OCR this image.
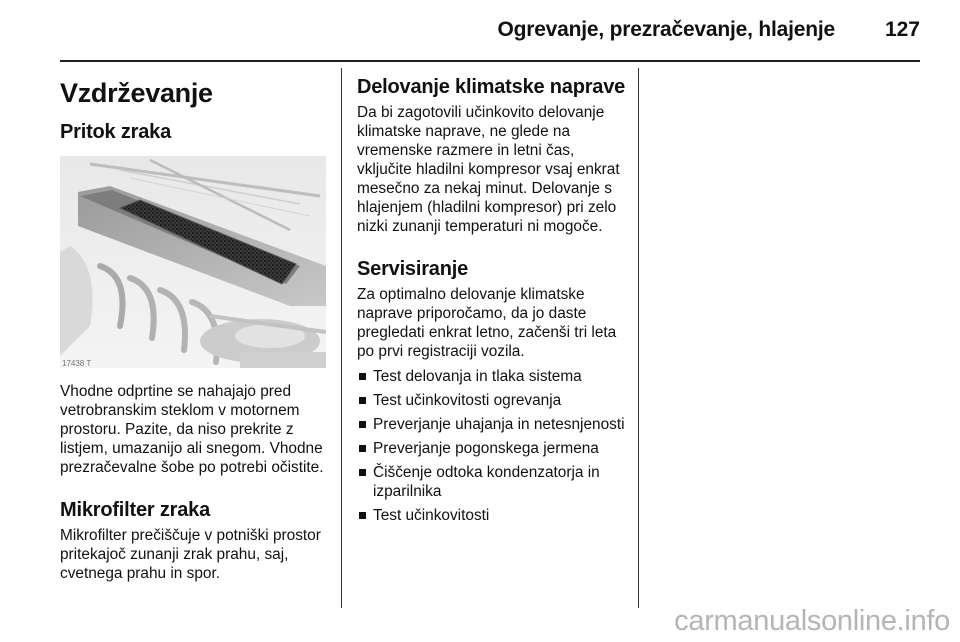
Ogrevanje, prezračevanje, hlajenje 127
Vzdrževanje
Pritok zraka
17438 T

Vhodne odprtine se nahajajo pred vetrobranskim steklom v motornem prostoru. Pazite, da niso prekrite z listjem, umazanijo ali snegom. Vhodne prezračevalne šobe po potrebi očistite.

Mikrofilter zraka

Mikrofilter prečiščuje v potniški prostor pritekajoč zunanji zrak prahu, saj, cvetnega prahu in spor.

Delovanje klimatske naprave

Da bi zagotovili učinkovito delovanje klimatske naprave, ne glede na vremenske razmere in letni čas, vključite hladilni kompresor vsaj enkrat mesečno za nekaj minut. Delovanje s hlajenjem (hladilni kompresor) pri zelo nizki zunanji temperaturi ni mogoče.

Servisiranje

Za optimalno delovanje klimatske naprave priporočamo, da jo daste pregledati enkrat letno, začenši tri leta po prvi registraciji vozila.

Test delovanja in tlaka sistema
Test učinkovitosti ogrevanja
Preverjanje uhajanja in netesnjenosti
Preverjanje pogonskega jermena
Čiščenje odtoka kondenzatorja in izparilnika
Test učinkovitosti
carmanualsonline.info
